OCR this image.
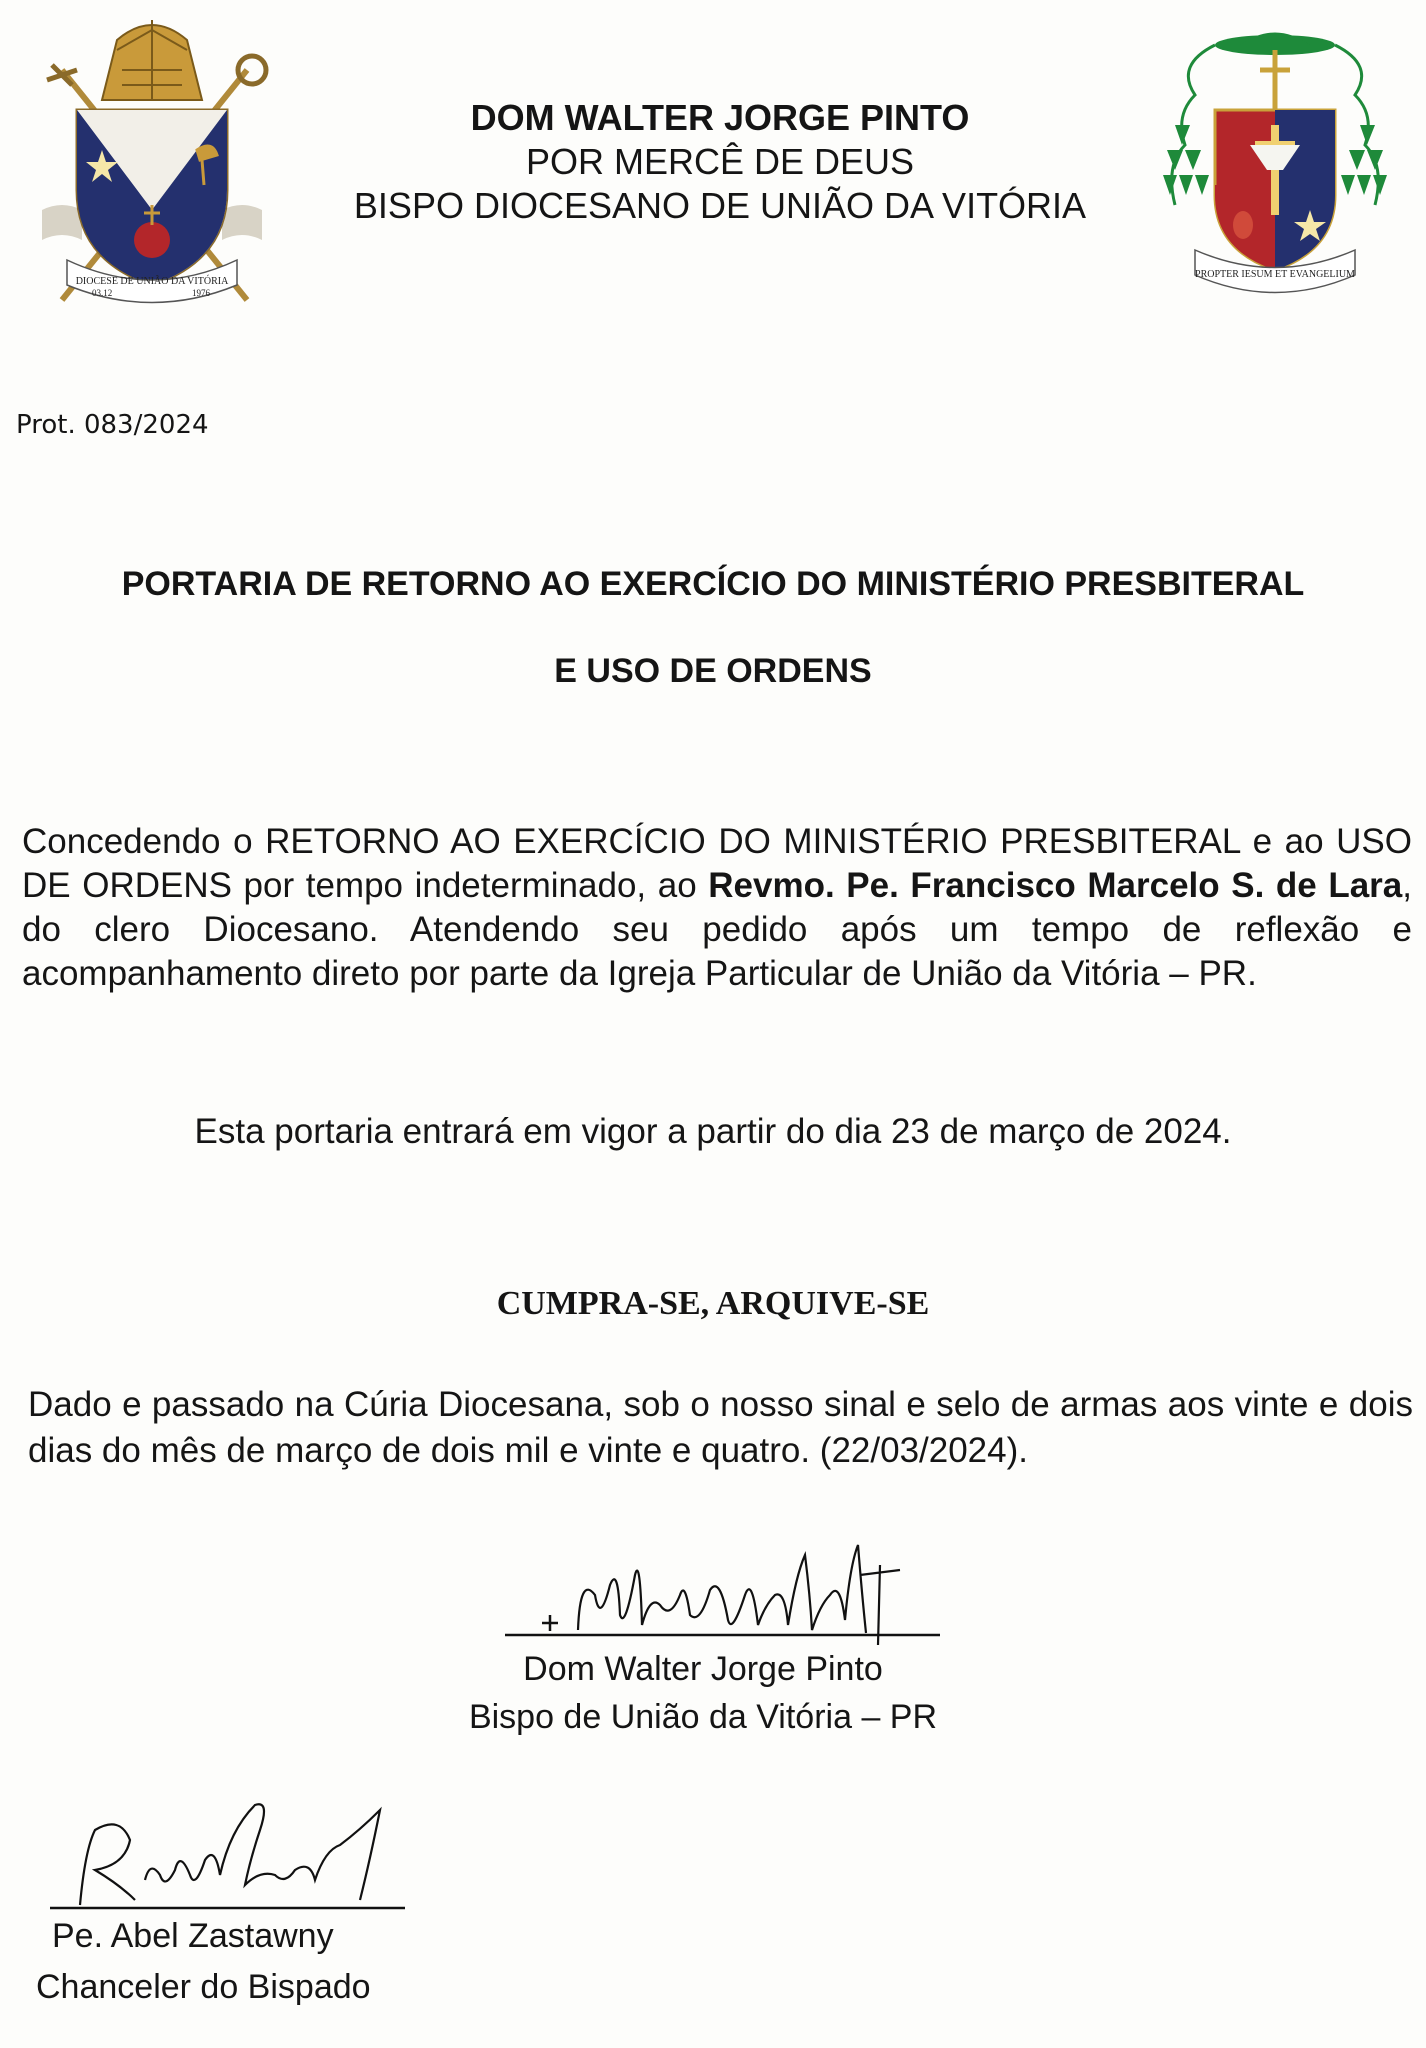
DIOCESE DE UNIÃO DA VITÓRIA
03.12	1976
PROPTER IESUM ET EVANGELIUM
DOM WALTER JORGE PINTO
POR MERCÊ DE DEUS
BISPO DIOCESANO DE UNIÃO DA VITÓRIA
Prot. 083/2024
PORTARIA DE RETORNO AO EXERCÍCIO DO MINISTÉRIO PRESBITERAL
E USO DE ORDENS
Concedendo o RETORNO AO EXERCÍCIO DO MINISTÉRIO PRESBITERAL e ao USO DE ORDENS por tempo indeterminado, ao Revmo. Pe. Francisco Marcelo S. de Lara, do clero Diocesano. Atendendo seu pedido após um tempo de reflexão e acompanhamento direto por parte da Igreja Particular de União da Vitória – PR.
Esta portaria entrará em vigor a partir do dia 23 de março de 2024.
CUMPRA-SE, ARQUIVE-SE
Dado e passado na Cúria Diocesana, sob o nosso sinal e selo de armas aos vinte e dois dias do mês de março de dois mil e vinte e quatro. (22/03/2024).
Dom Walter Jorge Pinto
Bispo de União da Vitória – PR
Pe. Abel Zastawny
Chanceler do Bispado
